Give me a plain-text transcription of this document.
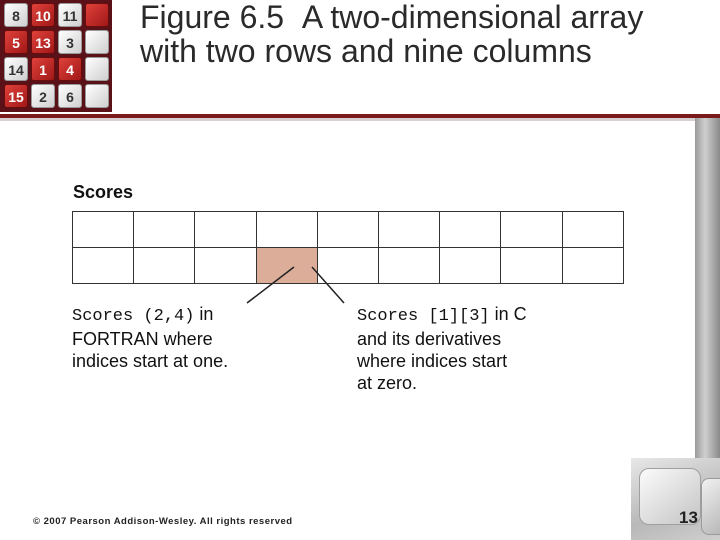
8	10 11
5	13	3
14	1	4
15	2	6
Figure 6.5 A two-dimensional array with two rows and nine columns
Scores

Scores (2,4) in
FORTRAN where
indices start at one.
Scores [1][3] in C
and its derivatives
where indices start
at zero.
© 2007 Pearson Addison-Wesley. All rights reserved	13
